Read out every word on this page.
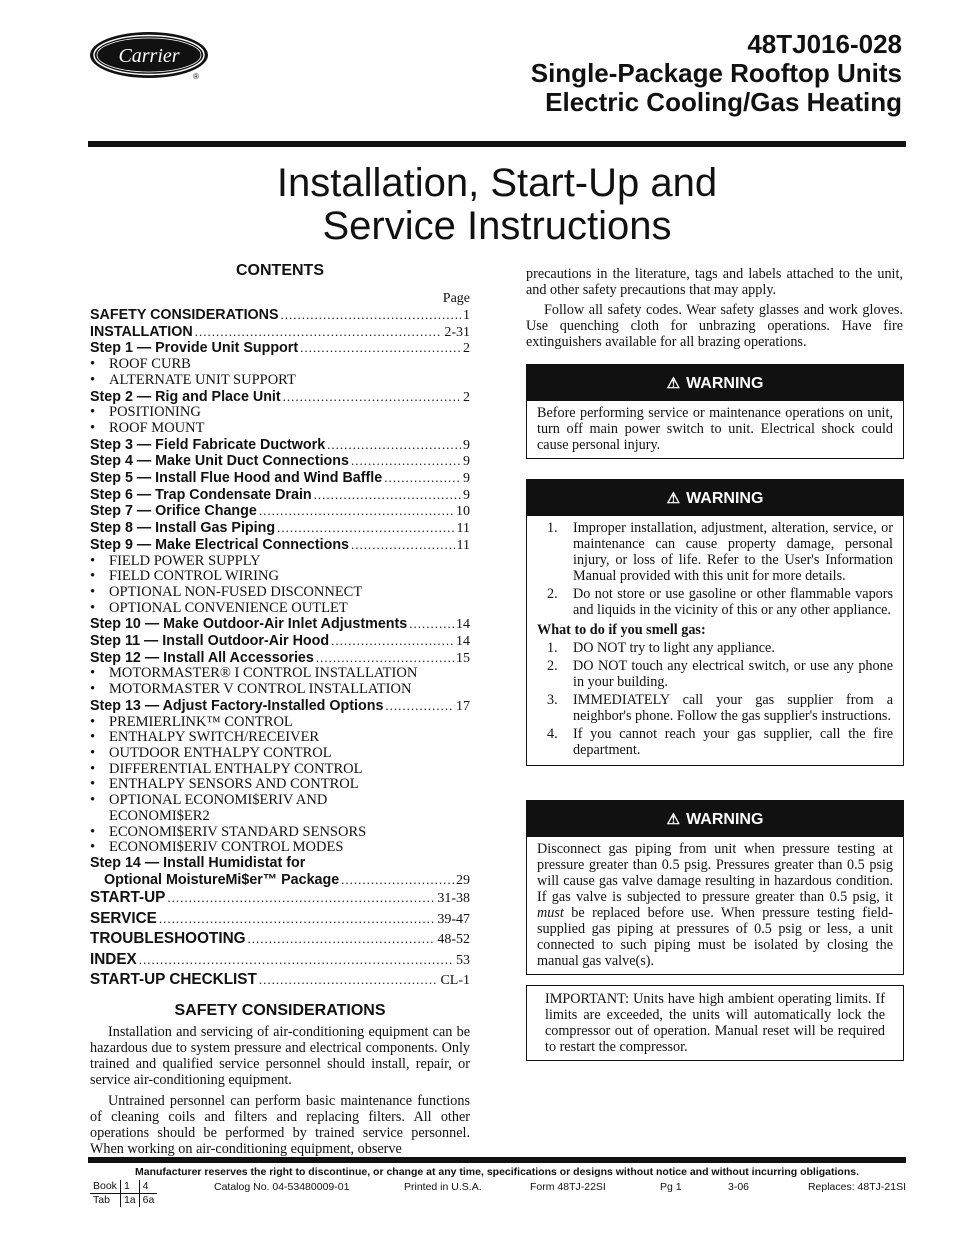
Carrier
®
48TJ016-028
Single-Package Rooftop Units
Electric Cooling/Gas Heating
Installation, Start-Up and
Service Instructions
CONTENTS
Page
SAFETY CONSIDERATIONS .....	1
INSTALLATION .....	2-31
Step 1 — Provide Unit Support .....	2
• ROOF CURB
• ALTERNATE UNIT SUPPORT
Step 2 — Rig and Place Unit .....	2
• POSITIONING
• ROOF MOUNT
Step 3 — Field Fabricate Ductwork .....	9
Step 4 — Make Unit Duct Connections .....	9
Step 5 — Install Flue Hood and Wind Baffle .....	9
Step 6 — Trap Condensate Drain .....	9
Step 7 — Orifice Change .....	10
Step 8 — Install Gas Piping .....	11
Step 9 — Make Electrical Connections .....	11
• FIELD POWER SUPPLY
• FIELD CONTROL WIRING
• OPTIONAL NON-FUSED DISCONNECT
• OPTIONAL CONVENIENCE OUTLET
Step 10 — Make Outdoor-Air Inlet Adjustments .....	14
Step 11 — Install Outdoor-Air Hood .....	14
Step 12 — Install All Accessories .....	15
• MOTORMASTER® I CONTROL INSTALLATION
• MOTORMASTER V CONTROL INSTALLATION
Step 13 — Adjust Factory-Installed Options .....	17
• PREMIERLINK™ CONTROL
• ENTHALPY SWITCH/RECEIVER
• OUTDOOR ENTHALPY CONTROL
• DIFFERENTIAL ENTHALPY CONTROL
• ENTHALPY SENSORS AND CONTROL
• OPTIONAL ECONOMI$ERIV AND
ECONOMI$ER2
• ECONOMI$ERIV STANDARD SENSORS
• ECONOMI$ERIV CONTROL MODES
Step 14 — Install Humidistat for
Optional MoistureMi$er™ Package .....	29
START-UP .....	31-38
SERVICE .....	39-47
TROUBLESHOOTING .....	48-52
INDEX .....	53
START-UP CHECKLIST .....	CL-1
SAFETY CONSIDERATIONS

Installation and servicing of air-conditioning equipment can be hazardous due to system pressure and electrical components. Only trained and qualified service personnel should install, repair, or service air-conditioning equipment.

Untrained personnel can perform basic maintenance functions of cleaning coils and filters and replacing filters. All other operations should be performed by trained service personnel. When working on air-conditioning equipment, observe

precautions in the literature, tags and labels attached to the unit, and other safety precautions that may apply.

Follow all safety codes. Wear safety glasses and work gloves. Use quenching cloth for unbrazing operations. Have fire extinguishers available for all brazing operations.

⚠ WARNING
Before performing service or maintenance operations on unit, turn off main power switch to unit. Electrical shock could cause personal injury.
⚠ WARNING
1.	Improper installation, adjustment, alteration, service, or maintenance can cause property damage, personal injury, or loss of life. Refer to the User's Information Manual provided with this unit for more details.
2.	Do not store or use gasoline or other flammable vapors and liquids in the vicinity of this or any other appliance.
What to do if you smell gas:
1.	DO NOT try to light any appliance.
2.	DO NOT touch any electrical switch, or use any phone in your building.
3.	IMMEDIATELY call your gas supplier from a neighbor's phone. Follow the gas supplier's instructions.
4.	If you cannot reach your gas supplier, call the fire department.
⚠ WARNING
Disconnect gas piping from unit when pressure testing at pressure greater than 0.5 psig. Pressures greater than 0.5 psig will cause gas valve damage resulting in hazardous condition. If gas valve is subjected to pressure greater than 0.5 psig, it must be replaced before use. When pressure testing field-supplied gas piping at pressures of 0.5 psig or less, a unit connected to such piping must be isolated by closing the manual gas valve(s).
IMPORTANT: Units have high ambient operating limits. If limits are exceeded, the units will automatically lock the compressor out of operation. Manual reset will be required to restart the compressor.
Manufacturer reserves the right to discontinue, or change at any time, specifications or designs without notice and without incurring obligations.
Book	1	4
Tab	1a	6a
Catalog No. 04-53480009-01	Printed in U.S.A.	Form 48TJ-22SI	Pg 1	3-06	Replaces: 48TJ-21SI
